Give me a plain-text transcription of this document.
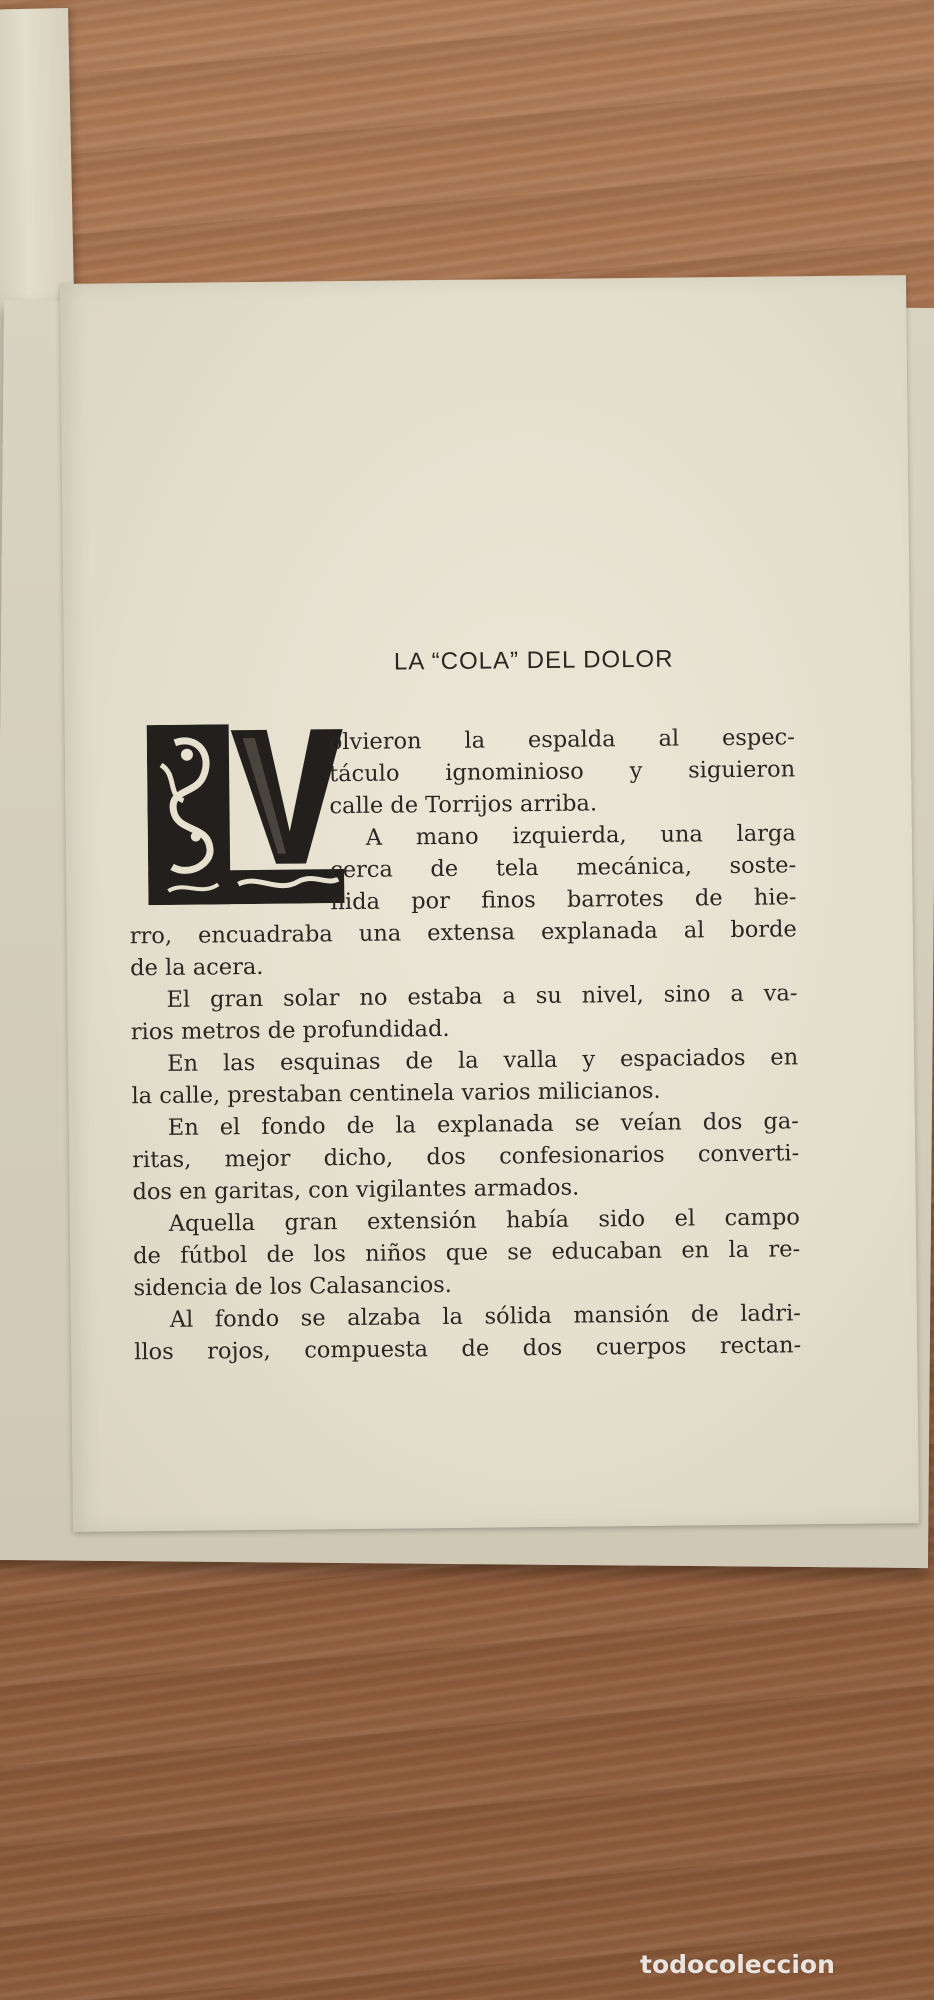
LA “COLA” DEL DOLOR
olvieron la espalda al espec-
táculo ignominioso y siguieron
calle de Torrijos arriba.
A mano izquierda, una larga
cerca de tela mecánica, soste-
nida por finos barrotes de hie-
rro, encuadraba una extensa explanada al borde
de la acera.
El gran solar no estaba a su nivel, sino a va-
rios metros de profundidad.
En las esquinas de la valla y espaciados en
la calle, prestaban centinela varios milicianos.
En el fondo de la explanada se veían dos ga-
ritas, mejor dicho, dos confesionarios converti-
dos en garitas, con vigilantes armados.
Aquella gran extensión había sido el campo
de fútbol de los niños que se educaban en la re-
sidencia de los Calasancios.
Al fondo se alzaba la sólida mansión de ladri-
llos rojos, compuesta de dos cuerpos rectan-
todocoleccion
